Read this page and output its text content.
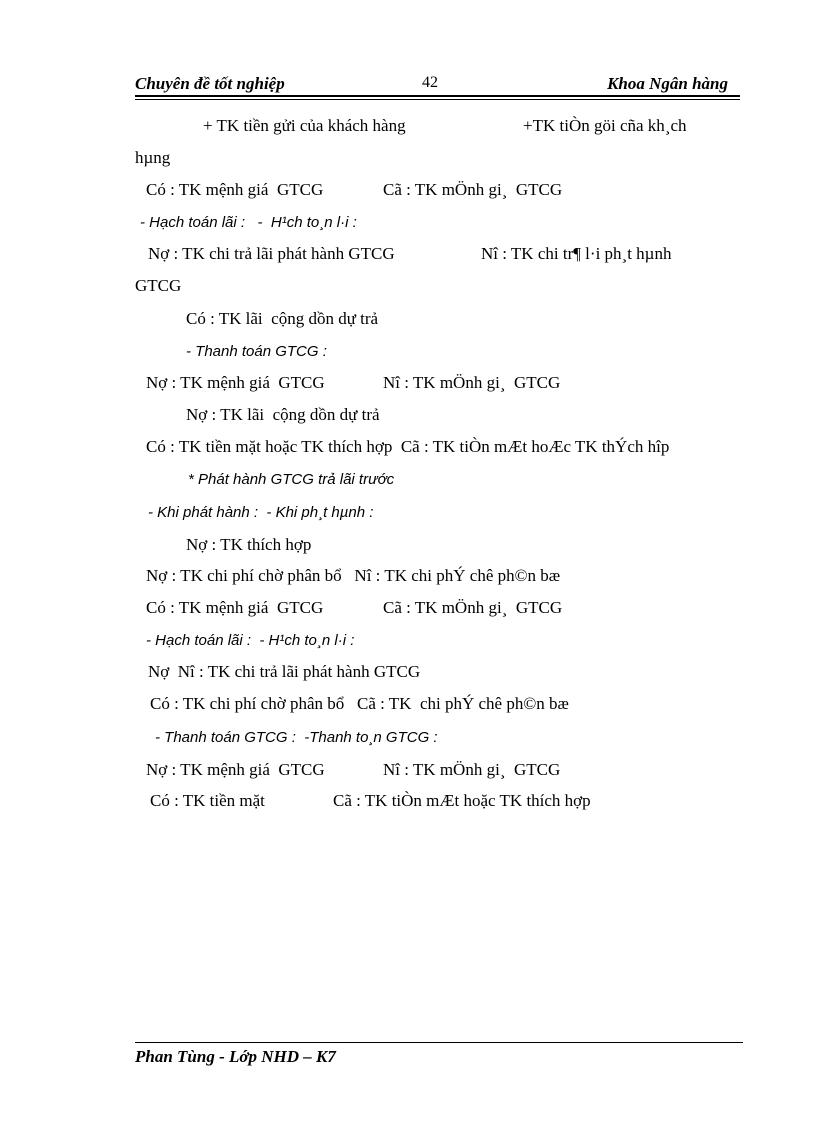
Chuyên đề tốt nghiệp	42	Khoa Ngân hàng
+ TK tiền gửi của khách hàng	+TK tiÒn göi cña kh¸ch
hµng
Có : TK mệnh giá  GTCG	Cã : TK mÖnh gi¸  GTCG
- Hạch toán lãi :   -  H¹ch to¸n l·i :
Nợ : TK chi trả lãi phát hành GTCG	Nî : TK chi tr¶ l·i ph¸t hµnh
GTCG
Có : TK lãi  cộng dồn dự trả
- Thanh toán GTCG :
Nợ : TK mệnh giá  GTCG	Nî : TK mÖnh gi¸  GTCG
Nợ : TK lãi  cộng dồn dự trả
Có : TK tiền mặt hoặc TK thích hợp  Cã : TK tiÒn mÆt hoÆc TK thÝch hîp
* Phát hành GTCG trả lãi trước
- Khi phát hành :  - Khi ph¸t hµnh :
Nợ : TK thích hợp
Nợ : TK chi phí chờ phân bổ   Nî : TK chi phÝ chê ph©n bæ
Có : TK mệnh giá  GTCG	Cã : TK mÖnh gi¸  GTCG
- Hạch toán lãi :  - H¹ch to¸n l·i :
Nợ  Nî : TK chi trả lãi phát hành GTCG
Có : TK chi phí chờ phân bổ   Cã : TK  chi phÝ chê ph©n bæ
- Thanh toán GTCG :  -Thanh to¸n GTCG :
Nợ : TK mệnh giá  GTCG	Nî : TK mÖnh gi¸  GTCG
Có : TK tiền mặt	Cã : TK tiÒn mÆt hoặc TK thích hợp
Phan Tùng - Lớp NHD – K7
